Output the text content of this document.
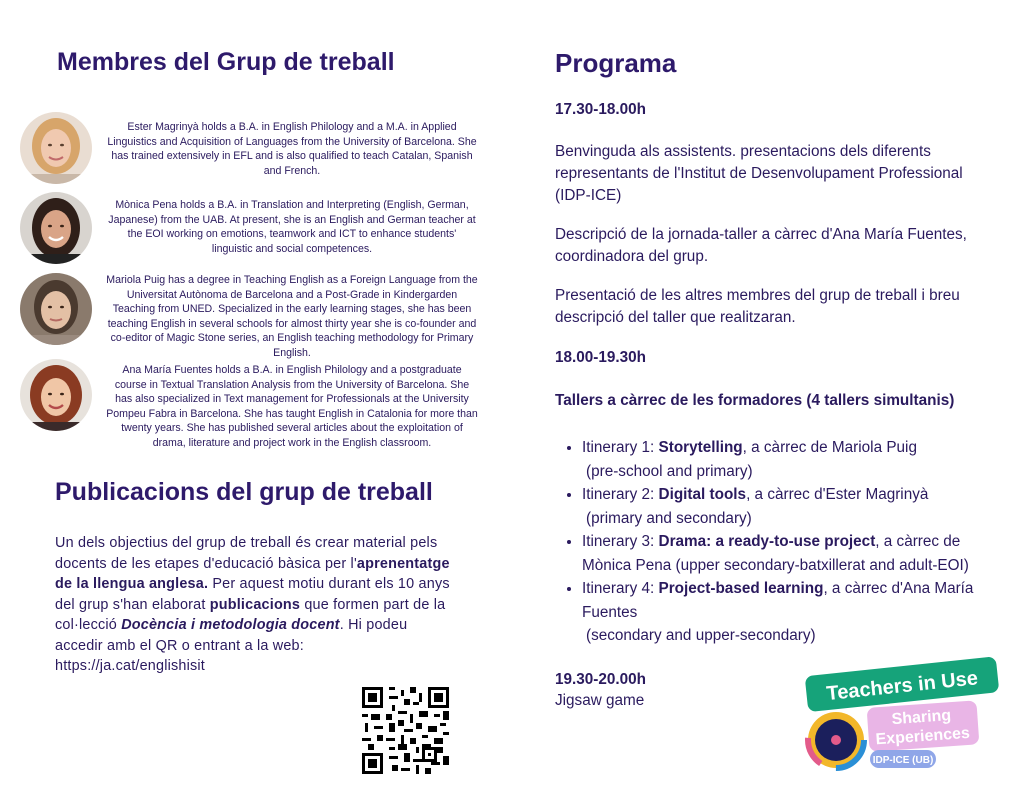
Membres del Grup de treball
Ester Magrinyà holds a B.A. in English Philology and a M.A. in Applied Linguistics and Acquisition of Languages from the University of Barcelona. She has trained extensively in EFL and is also qualified to teach Catalan, Spanish and French.
Mònica Pena holds a B.A. in Translation and Interpreting (English, German, Japanese) from the UAB. At present, she is an English and German teacher at the EOI working on emotions, teamwork and ICT to enhance students' linguistic and social competences.
Mariola Puig has a degree in Teaching English as a Foreign Language from the Universitat Autònoma de Barcelona and a Post-Grade in Kindergarden Teaching from UNED. Specialized in the early learning stages, she has been teaching English in several schools for almost thirty year she is co-founder and co-editor of Magic Stone series, an English teaching methodology for Primary English.
Ana María Fuentes holds a B.A. in English Philology and a postgraduate course in Textual Translation Analysis from the University of Barcelona. She has also specialized in Text management for Professionals at the University Pompeu Fabra in Barcelona. She has taught English in Catalonia for more than twenty years. She has published several articles about the exploitation of drama, literature and project work in the English classroom.
Publicacions del grup de treball
Un dels objectius del grup de treball és crear material pels docents de les etapes d'educació bàsica per l'aprenentatge de la llengua anglesa. Per aquest motiu durant els 10 anys del grup s'han elaborat publicacions que formen part de la col·lecció Docència i metodologia docent. Hi podeu accedir amb el QR o entrant a la web: https://ja.cat/englishisit
Programa
17.30-18.00h
Benvinguda als assistents. presentacions dels diferents representants de l'Institut de Desenvolupament Professional (IDP-ICE)
Descripció de la jornada-taller a càrrec d'Ana María Fuentes, coordinadora del grup.
Presentació de les altres membres del grup de treball i breu descripció del taller que realitzaran.
18.00-19.30h
Tallers a càrrec de les formadores (4 tallers simultanis)
• Itinerary 1: Storytelling, a càrrec de Mariola Puig
(pre-school and primary)
• Itinerary 2: Digital tools, a càrrec d'Ester Magrinyà
(primary and secondary)
• Itinerary 3: Drama: a ready-to-use project, a càrrec de Mònica Pena (upper secondary-batxillerat and adult-EOI)
• Itinerary 4: Project-based learning, a càrrec d'Ana María Fuentes
(secondary and upper-secondary)
19.30-20.00h
Jigsaw game	Teachers in Use
Sharing
Experiences
IDP-ICE (UB)
